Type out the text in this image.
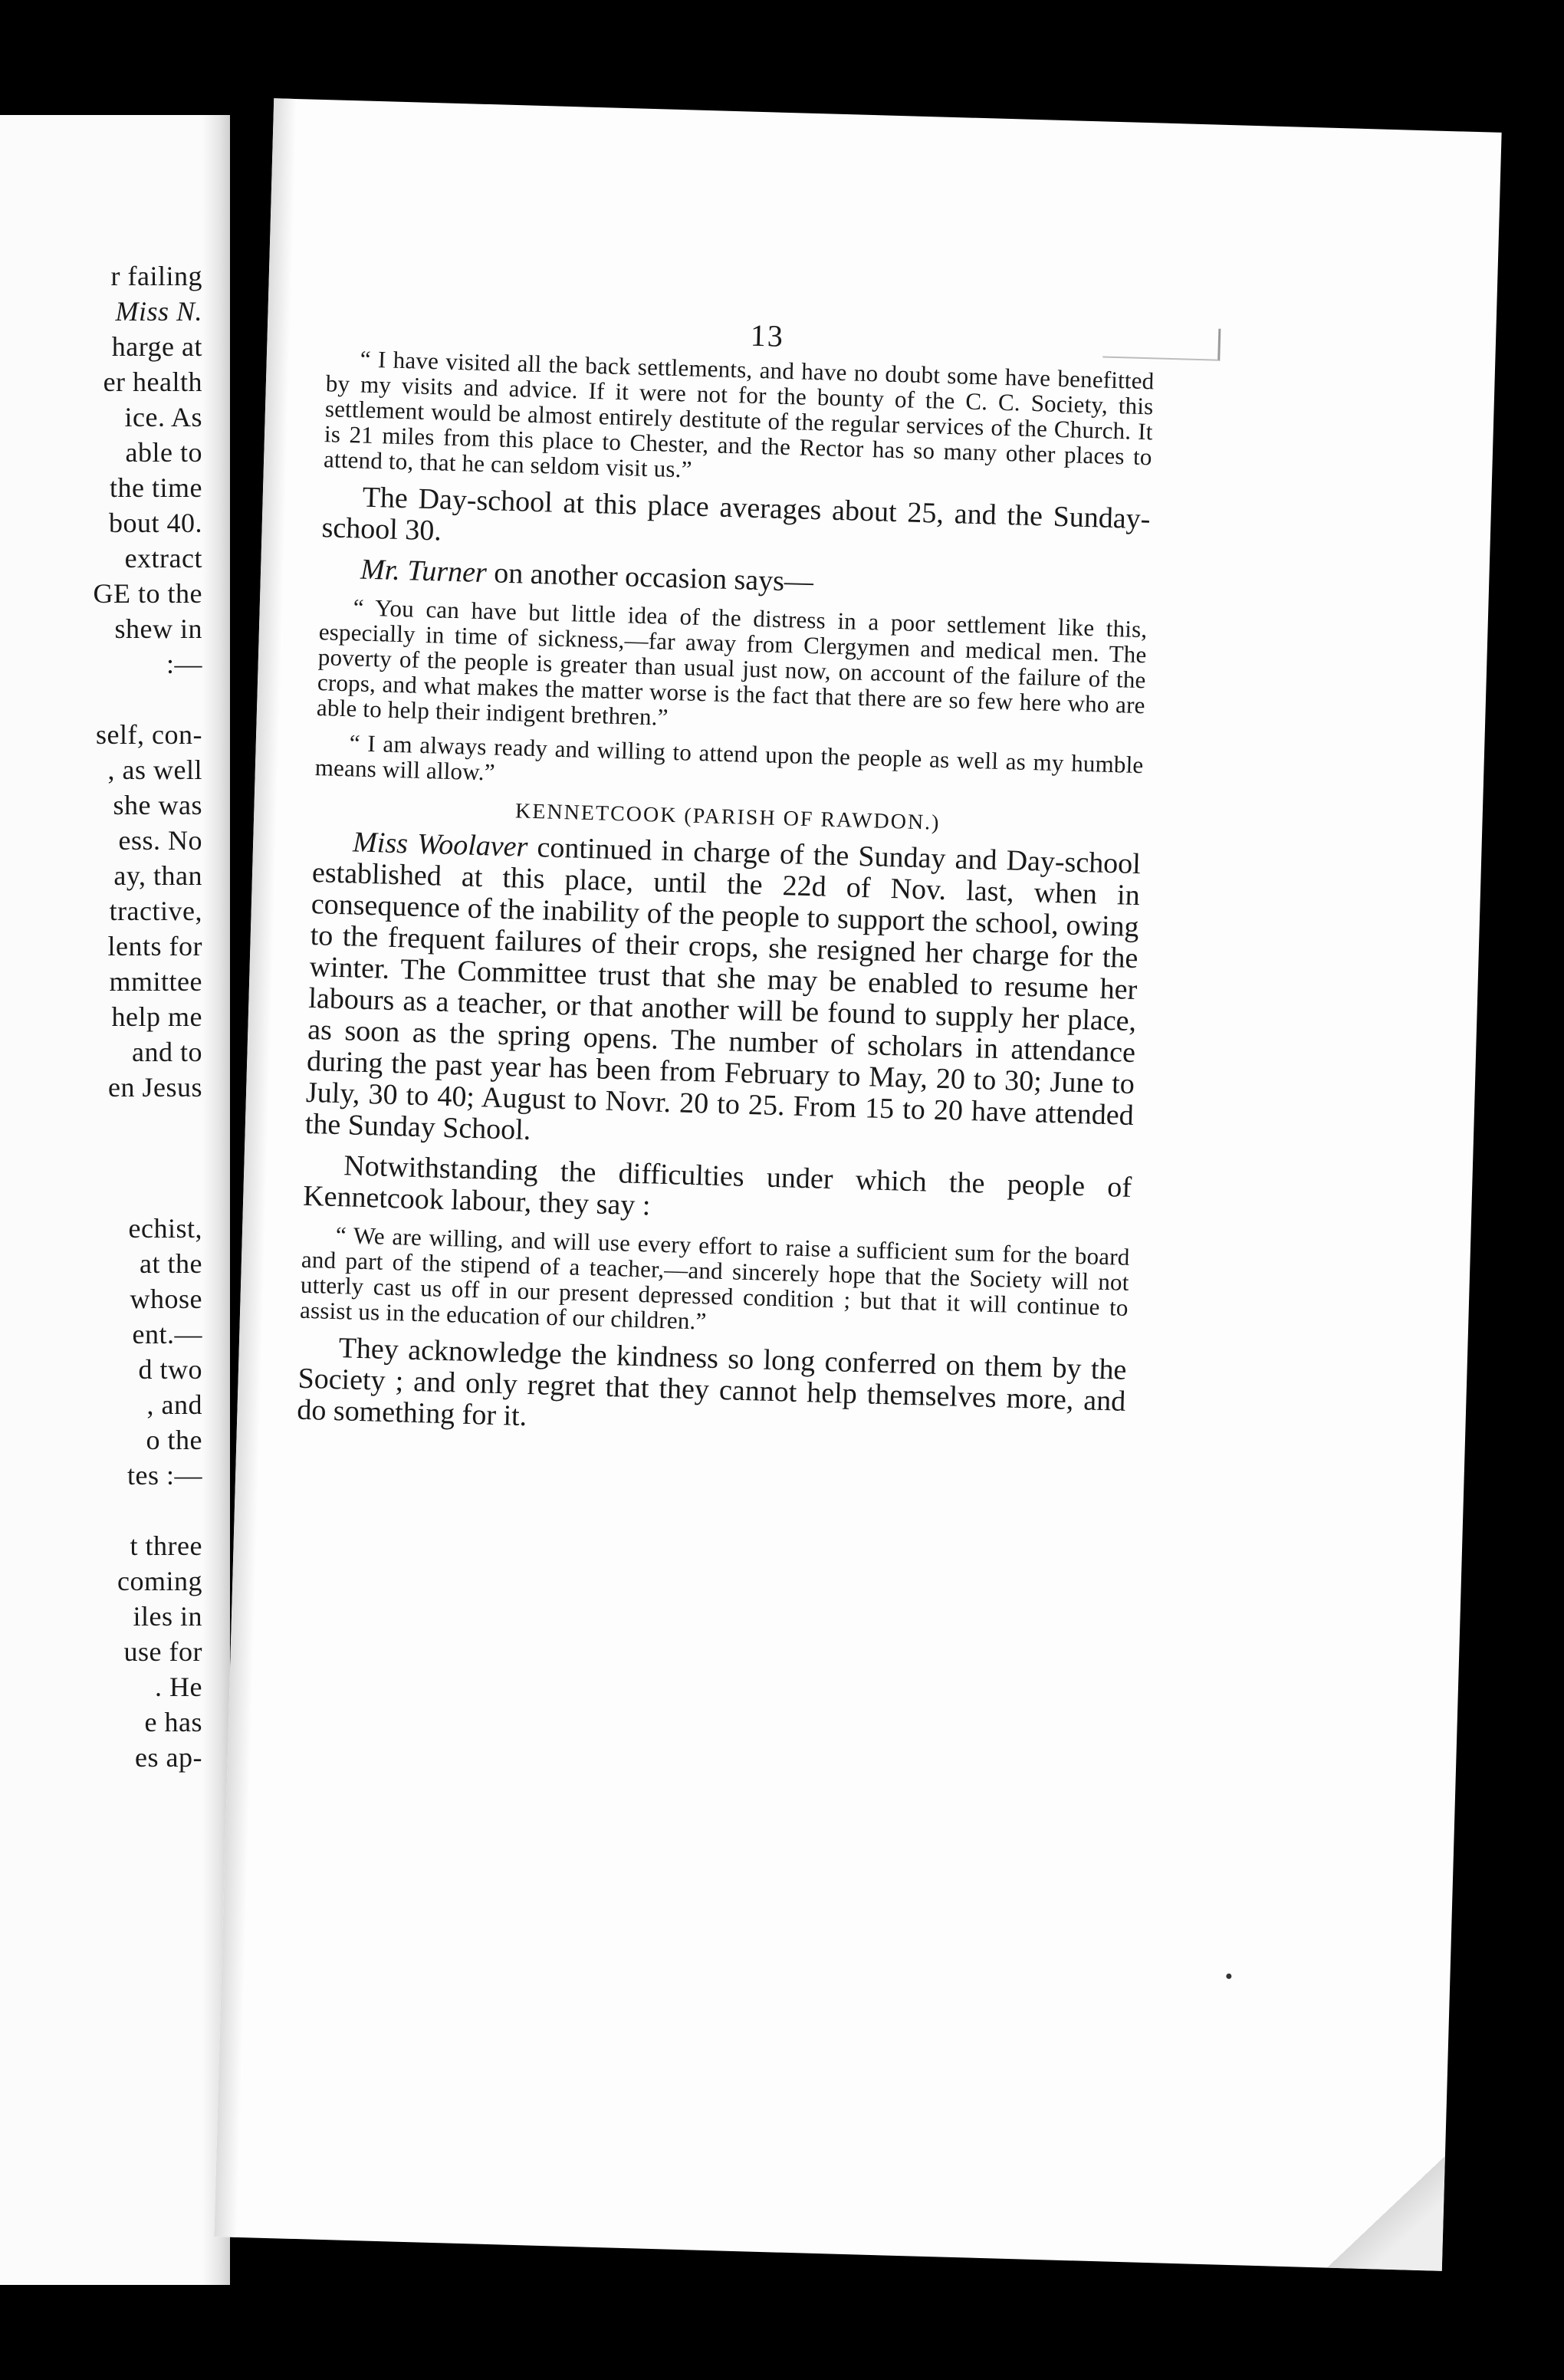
r failing
Miss N.
harge at
er health
ice. As
able to
the time
bout 40.
extract
GE to the
shew in
:—
self, con-
, as well
she was
ess. No
ay, than
tractive,
lents for
mmittee
help me
and to
en Jesus
echist,
at the
whose
ent.—
d two
, and
o the
tes :—
t three
coming
iles in
use for
. He
e has
es ap-
13

“ I have visited all the back settlements, and have no doubt some have benefitted by my visits and advice. If it were not for the bounty of the C. C. Society, this settlement would be almost entirely destitute of the regular services of the Church. It is 21 miles from this place to Chester, and the Rector has so many other places to attend to, that he can seldom visit us.”

The Day-school at this place averages about 25, and the Sunday-school 30.

Mr. Turner on another occasion says—

“ You can have but little idea of the distress in a poor settlement like this, especially in time of sickness,—far away from Clergymen and medical men. The poverty of the people is greater than usual just now, on account of the failure of the crops, and what makes the matter worse is the fact that there are so few here who are able to help their indigent brethren.”

“ I am always ready and willing to attend upon the people as well as my humble means will allow.”

KENNETCOOK (PARISH OF RAWDON.)

Miss Woolaver continued in charge of the Sunday and Day-school established at this place, until the 22d of Nov. last, when in consequence of the inability of the people to support the school, owing to the frequent failures of their crops, she resigned her charge for the winter. The Committee trust that she may be enabled to resume her labours as a teacher, or that another will be found to supply her place, as soon as the spring opens. The number of scholars in attendance during the past year has been from February to May, 20 to 30; June to July, 30 to 40; August to Novr. 20 to 25. From 15 to 20 have attended the Sunday School.

Notwithstanding the difficulties under which the people of Kennetcook labour, they say :

“ We are willing, and will use every effort to raise a sufficient sum for the board and part of the stipend of a teacher,—and sincerely hope that the Society will not utterly cast us off in our present depressed condition ; but that it will continue to assist us in the education of our children.”

They acknowledge the kindness so long conferred on them by the Society ; and only regret that they cannot help themselves more, and do something for it.
